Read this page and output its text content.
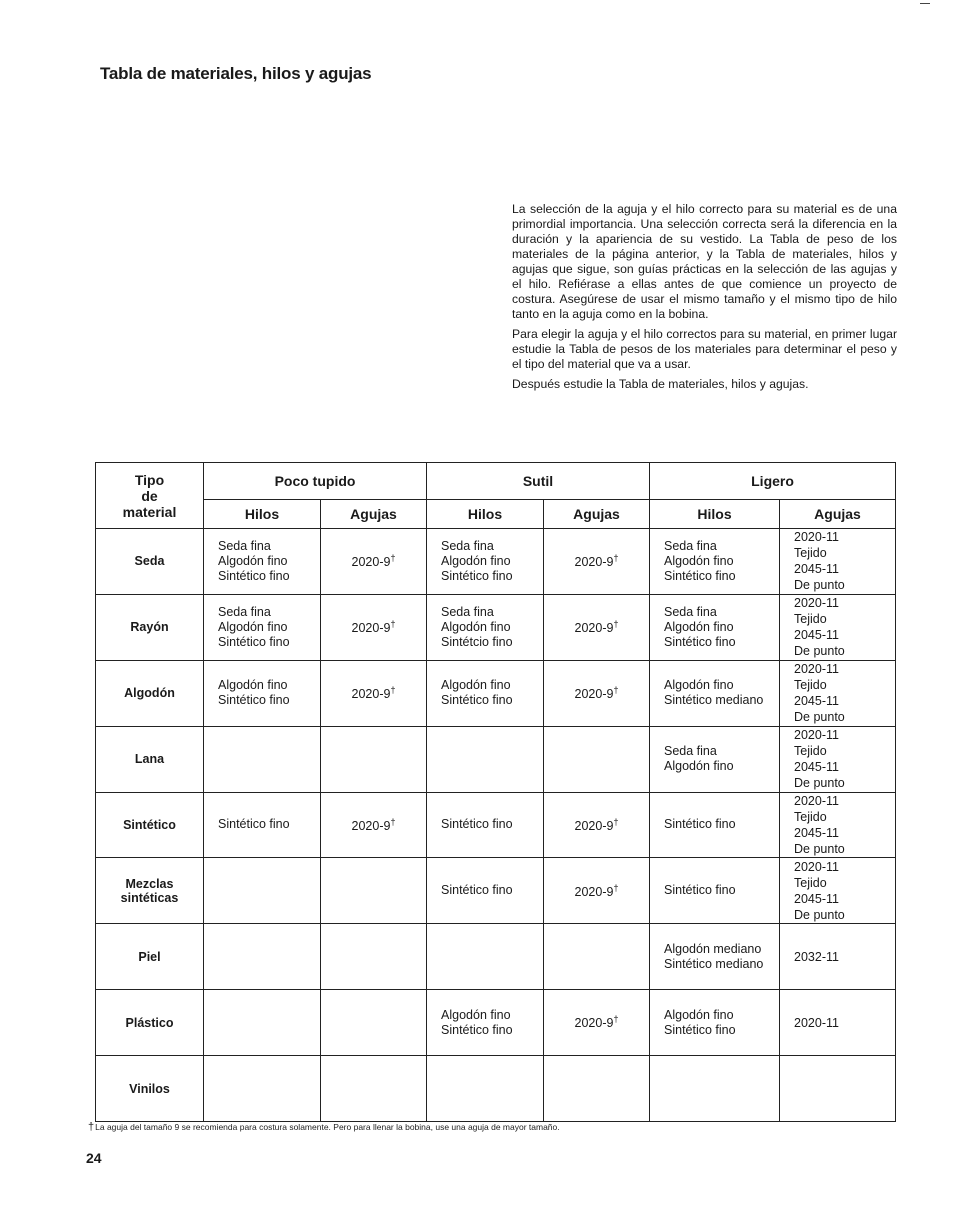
Tabla de materiales, hilos y agujas

La selección de la aguja y el hilo correcto para su material es de una primordial importancia. Una selección correcta será la diferencia en la duración y la apariencia de su vestido. La Tabla de peso de los materiales de la página anterior, y la Tabla de materiales, hilos y agujas que sigue, son guías prácticas en la selección de las agujas y el hilo. Refiérase a ellas antes de que comience un proyecto de costura. Asegúrese de usar el mismo tamaño y el mismo tipo de hilo tanto en la aguja como en la bobina.

Para elegir la aguja y el hilo correctos para su material, en primer lugar estudie la Tabla de pesos de los materiales para determinar el peso y el tipo del material que va a usar.

Después estudie la Tabla de materiales, hilos y agujas.

Tipo
de
material	Poco tupido		Sutil		Ligero	
	Hilos	Agujas	Hilos	Agujas	Hilos	Agujas

Seda	Seda fina
Algodón fino
Sintético fino	2020-9†	Seda fina
Algodón fino
Sintético fino	2020-9†	Seda fina
Algodón fino
Sintético fino	2020-11
Tejido
2045-11
De punto

Rayón	Seda fina
Algodón fino
Sintético fino	2020-9†	Seda fina
Algodón fino
Sintétcio fino	2020-9†	Seda fina
Algodón fino
Sintético fino	2020-11
Tejido
2045-11
De punto

Algodón	Algodón fino
Sintético fino	2020-9†	Algodón fino
Sintético fino	2020-9†	Algodón fino
Sintético mediano	2020-11
Tejido
2045-11
De punto

Lana					Seda fina
Algodón fino	2020-11
Tejido
2045-11
De punto

Sintético	Sintético fino	2020-9†	Sintético fino	2020-9†	Sintético fino	2020-11
Tejido
2045-11
De punto

Mezclas
sintéticas			Sintético fino	2020-9†	Sintético fino	2020-11
Tejido
2045-11
De punto

Piel					Algodón mediano
Sintético mediano	2032-11

Plástico			Algodón fino
Sintético fino	2020-9†	Algodón fino
Sintético fino	2020-11

Vinilos						

†La aguja del tamaño 9 se recomienda para costura solamente. Pero para llenar la bobina, use una aguja de mayor tamaño.
24
